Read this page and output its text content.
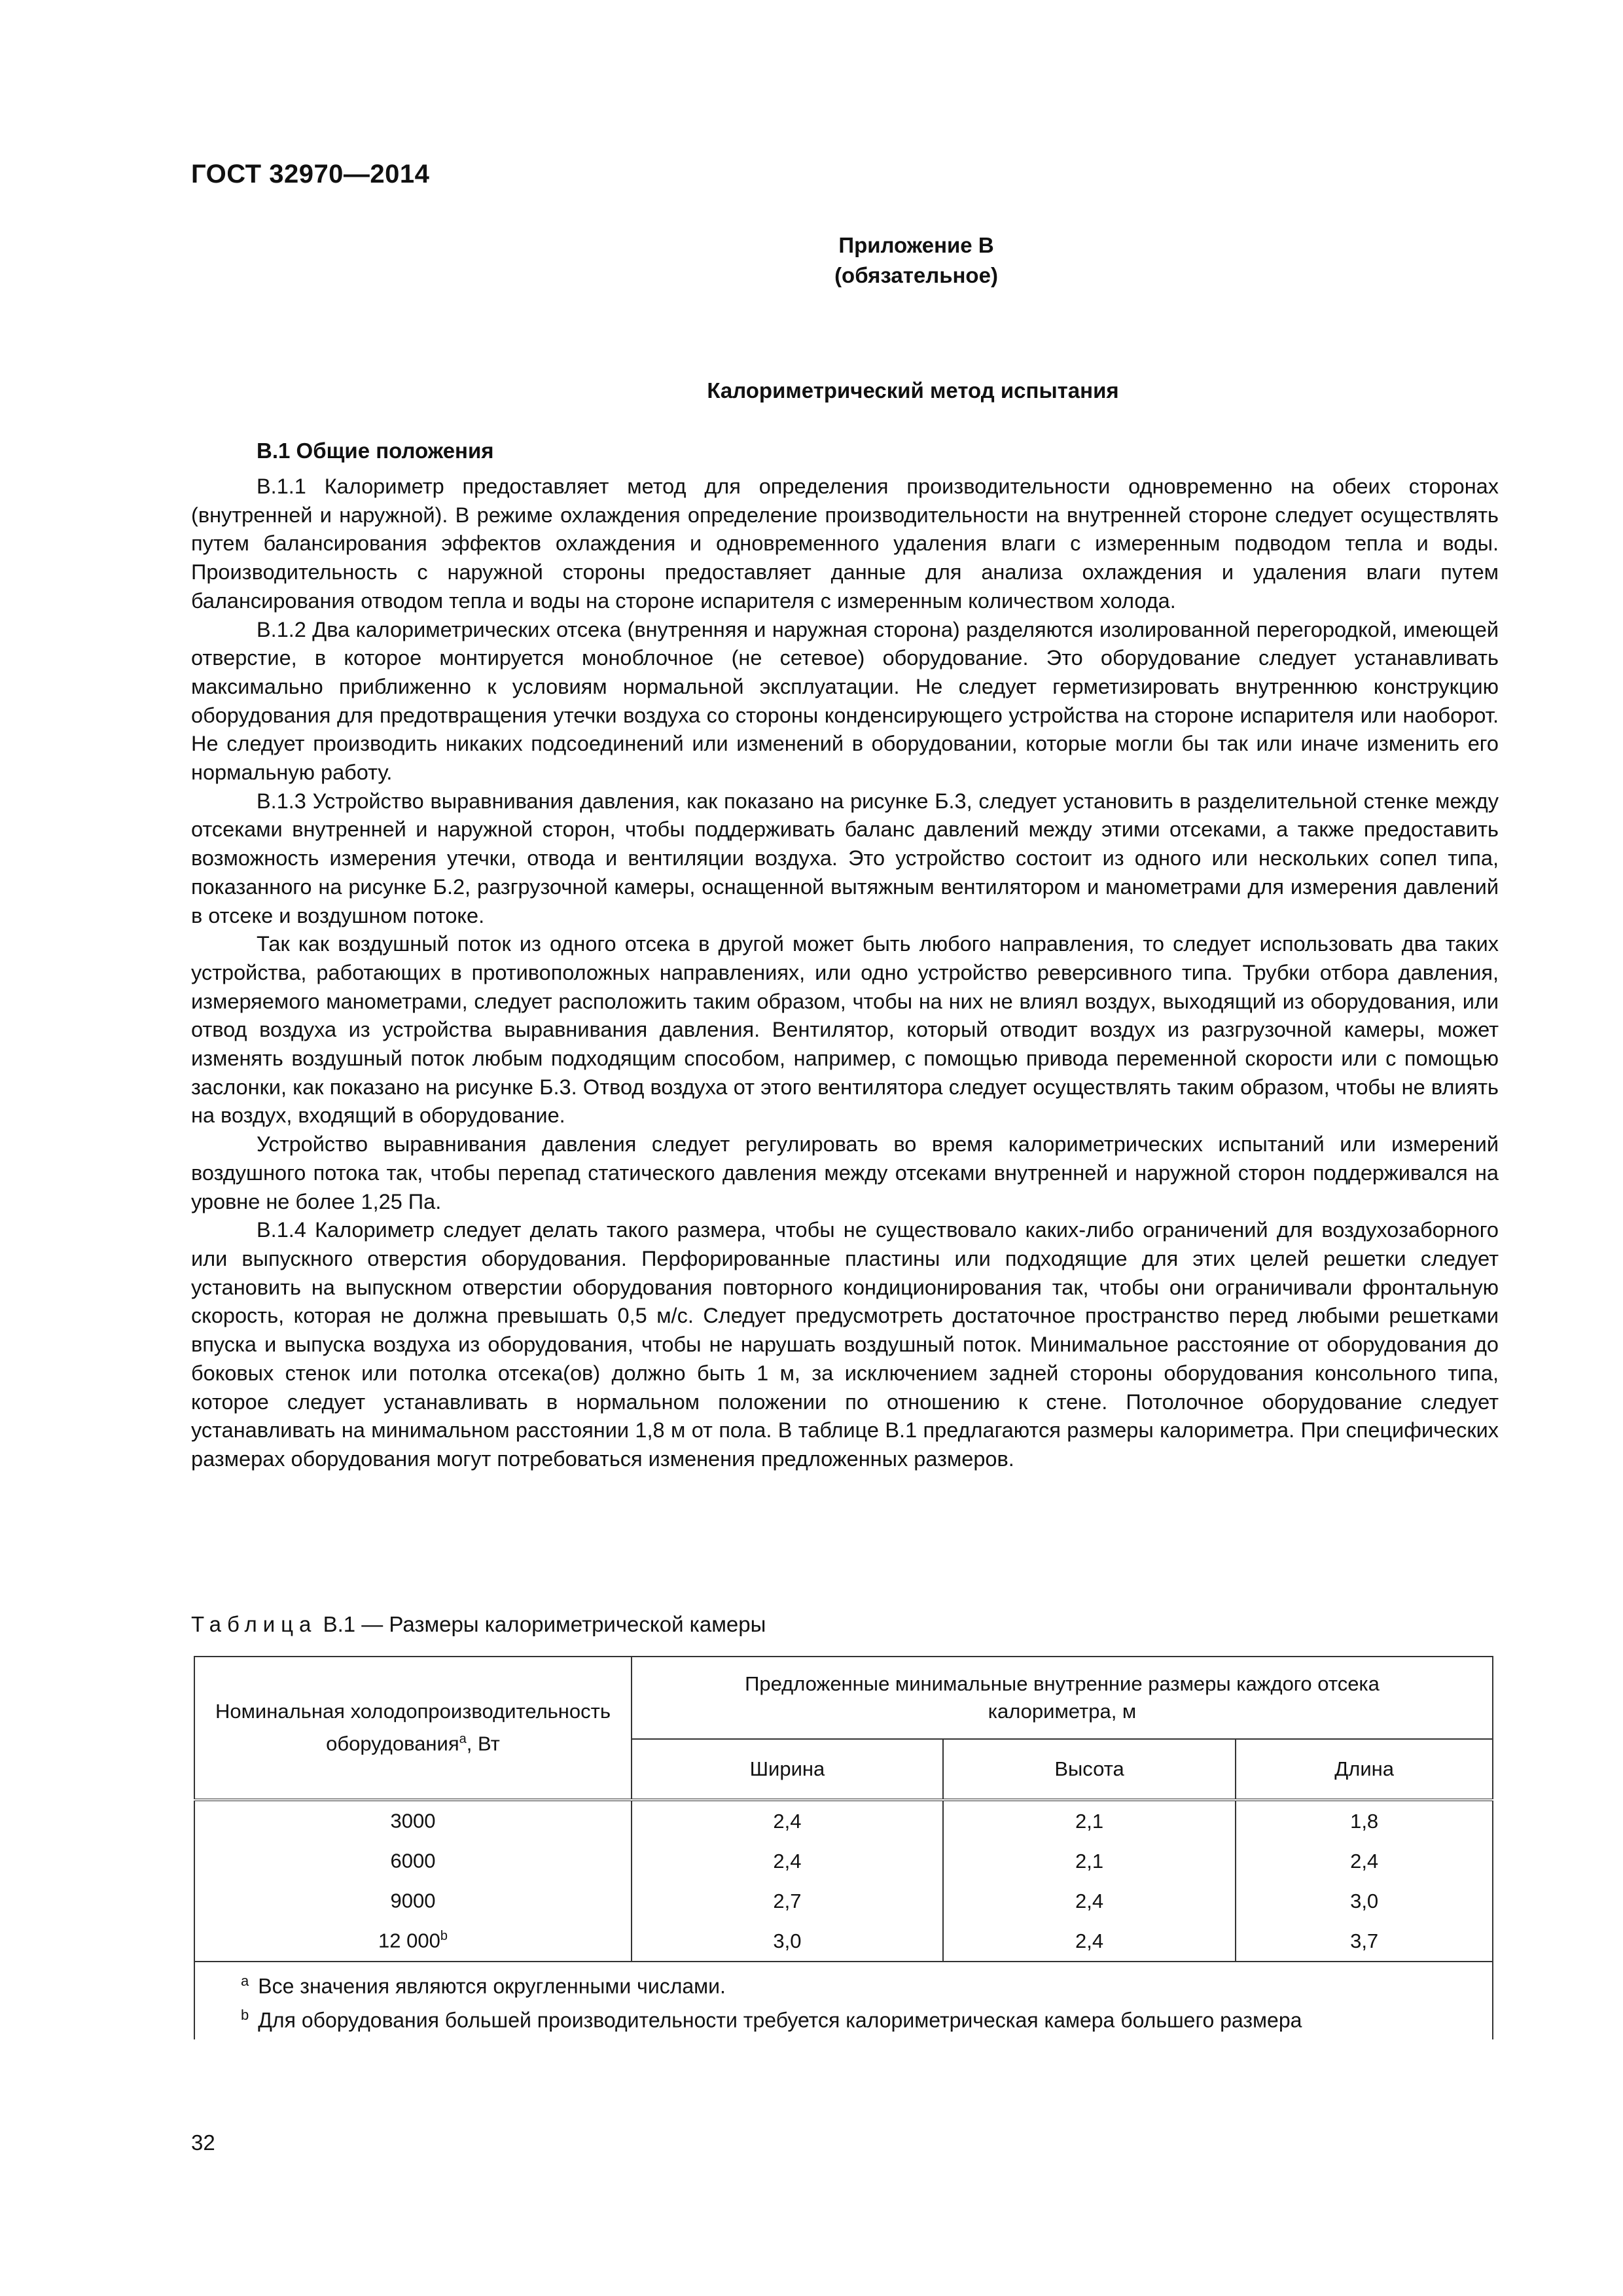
ГОСТ 32970—2014
Приложение В
(обязательное)
Калориметрический метод испытания
В.1 Общие положения

В.1.1 Калориметр предоставляет метод для определения производительности одновременно на обеих сторонах (внутренней и наружной). В режиме охлаждения определение производительности на внутренней стороне следует осуществлять путем балансирования эффектов охлаждения и одновременного удаления влаги с измеренным подводом тепла и воды. Производительность с наружной стороны предоставляет данные для анализа охлаждения и удаления влаги путем балансирования отводом тепла и воды на стороне испарителя с измеренным количеством холода.

В.1.2 Два калориметрических отсека (внутренняя и наружная сторона) разделяются изолированной перегородкой, имеющей отверстие, в которое монтируется моноблочное (не сетевое) оборудование. Это оборудование следует устанавливать максимально приближенно к условиям нормальной эксплуатации. Не следует герметизировать внутреннюю конструкцию оборудования для предотвращения утечки воздуха со стороны конденсирующего устройства на стороне испарителя или наоборот. Не следует производить никаких подсоединений или изменений в оборудовании, которые могли бы так или иначе изменить его нормальную работу.

В.1.3 Устройство выравнивания давления, как показано на рисунке Б.3, следует установить в разделительной стенке между отсеками внутренней и наружной сторон, чтобы поддерживать баланс давлений между этими отсеками, а также предоставить возможность измерения утечки, отвода и вентиляции воздуха. Это устройство состоит из одного или нескольких сопел типа, показанного на рисунке Б.2, разгрузочной камеры, оснащенной вытяжным вентилятором и манометрами для измерения давлений в отсеке и воздушном потоке.

Так как воздушный поток из одного отсека в другой может быть любого направления, то следует использовать два таких устройства, работающих в противоположных направлениях, или одно устройство реверсивного типа. Трубки отбора давления, измеряемого манометрами, следует расположить таким образом, чтобы на них не влиял воздух, выходящий из оборудования, или отвод воздуха из устройства выравнивания давления. Вентилятор, который отводит воздух из разгрузочной камеры, может изменять воздушный поток любым подходящим способом, например, с помощью привода переменной скорости или с помощью заслонки, как показано на рисунке Б.3. Отвод воздуха от этого вентилятора следует осуществлять таким образом, чтобы не влиять на воздух, входящий в оборудование.

Устройство выравнивания давления следует регулировать во время калориметрических испытаний или измерений воздушного потока так, чтобы перепад статического давления между отсеками внутренней и наружной сторон поддерживался на уровне не более 1,25 Па.

В.1.4 Калориметр следует делать такого размера, чтобы не существовало каких-либо ограничений для воздухозаборного или выпускного отверстия оборудования. Перфорированные пластины или подходящие для этих целей решетки следует установить на выпускном отверстии оборудования повторного кондиционирования так, чтобы они ограничивали фронтальную скорость, которая не должна превышать 0,5 м/с. Следует предусмотреть достаточное пространство перед любыми решетками впуска и выпуска воздуха из оборудования, чтобы не нарушать воздушный поток. Минимальное расстояние от оборудования до боковых стенок или потолка отсека(ов) должно быть 1 м, за исключением задней стороны оборудования консольного типа, которое следует устанавливать в нормальном положении по отношению к стене. Потолочное оборудование следует устанавливать на минимальном расстоянии 1,8 м от пола. В таблице В.1 предлагаются размеры калориметра. При специфических размерах оборудования могут потребоваться изменения предложенных размеров.

Таблица В.1 — Размеры калориметрической камеры
Номинальная холодопроизводительность
оборудования$^a$, Вт	Предложенные минимальные внутренние размеры каждого отсека калориметра, м		
	Ширина	Высота	Длина
3000	2,4	2,1	1,8
6000	2,4	2,1	2,4
9000	2,7	2,4	3,0
12 000$^b$	3,0	2,4	3,7

$^a$ Все значения являются округленными числами.
$^b$ Для оборудования большей производительности требуется калориметрическая камера большего размера			
32
